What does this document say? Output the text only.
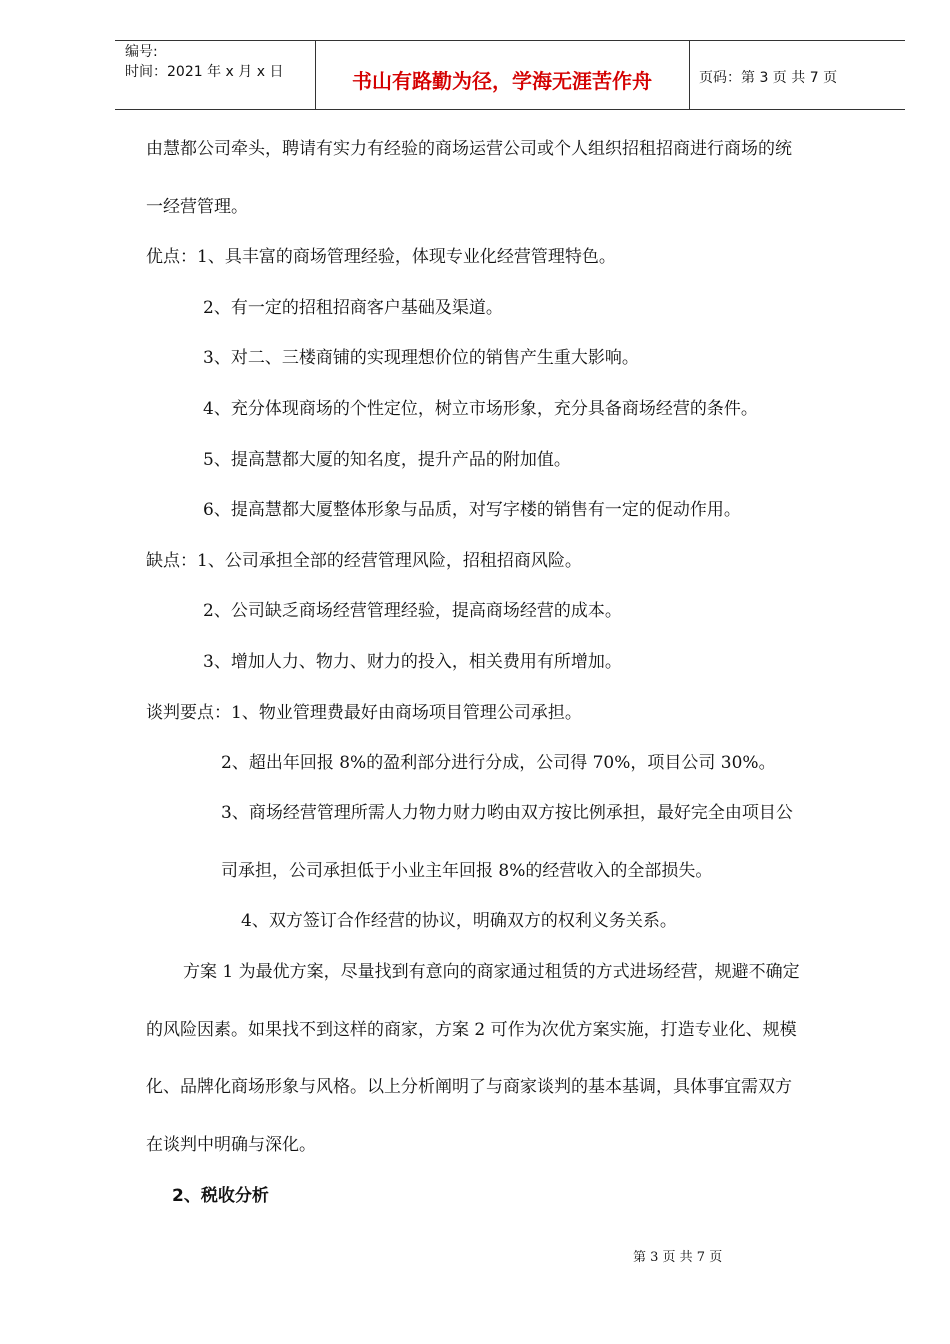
编号:
时间：2021 年 x 月 x 日	书山有路勤为径，学海无涯苦作舟	页码：第 3 页 共 7 页
由慧都公司牵头，聘请有实力有经验的商场运营公司或个人组织招租招商进行商场的统
一经营管理。
优点：1、具丰富的商场管理经验，体现专业化经营管理特色。
2、有一定的招租招商客户基础及渠道。
3、对二、三楼商铺的实现理想价位的销售产生重大影响。
4、充分体现商场的个性定位，树立市场形象，充分具备商场经营的条件。
5、提高慧都大厦的知名度，提升产品的附加值。
6、提高慧都大厦整体形象与品质，对写字楼的销售有一定的促动作用。
缺点：1、公司承担全部的经营管理风险，招租招商风险。
2、公司缺乏商场经营管理经验，提高商场经营的成本。
3、增加人力、物力、财力的投入，相关费用有所增加。
谈判要点：1、物业管理费最好由商场项目管理公司承担。
2、超出年回报 8%的盈利部分进行分成，公司得 70%，项目公司 30%。
3、商场经营管理所需人力物力财力哟由双方按比例承担，最好完全由项目公
司承担，公司承担低于小业主年回报 8%的经营收入的全部损失。
4、双方签订合作经营的协议，明确双方的权利义务关系。
方案 1 为最优方案，尽量找到有意向的商家通过租赁的方式进场经营，规避不确定
的风险因素。如果找不到这样的商家，方案 2 可作为次优方案实施，打造专业化、规模
化、品牌化商场形象与风格。以上分析阐明了与商家谈判的基本基调，具体事宜需双方
在谈判中明确与深化。
2、税收分析
第 3 页 共 7 页
